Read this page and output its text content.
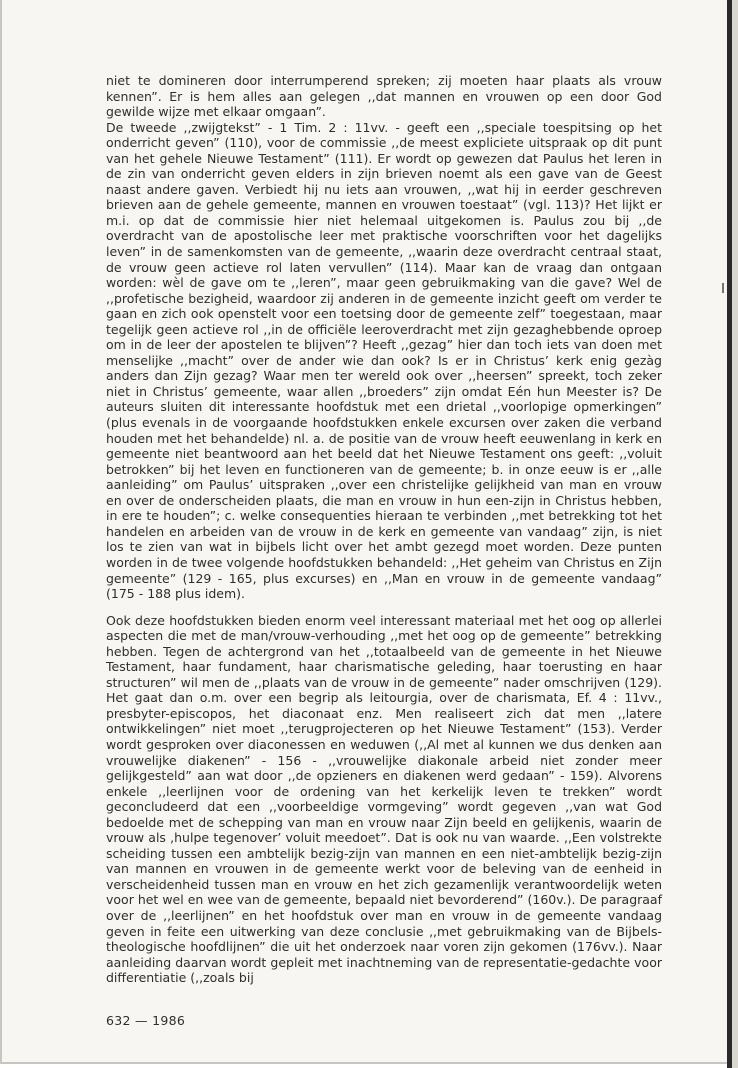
niet te domineren door interrumperend spreken; zij moeten haar plaats als vrouw kennen”. Er is hem alles aan gelegen ,,dat mannen en vrouwen op een door God gewilde wijze met elkaar omgaan”.

De tweede ,,zwijgtekst” - 1 Tim. 2 : 11vv. - geeft een ,,speciale toespitsing op het onderricht geven” (110), voor de commissie ,,de meest expliciete uitspraak op dit punt van het gehele Nieuwe Testament” (111). Er wordt op gewezen dat Paulus het leren in de zin van onderricht geven elders in zijn brieven noemt als een gave van de Geest naast andere gaven. Verbiedt hij nu iets aan vrouwen, ,,wat hij in eerder geschreven brieven aan de gehele gemeente, mannen en vrouwen toestaat” (vgl. 113)? Het lijkt er m.i. op dat de commissie hier niet helemaal uitgekomen is. Paulus zou bij ,,de overdracht van de apostolische leer met praktische voorschriften voor het dagelijks leven” in de samenkomsten van de gemeente, ,,waarin deze overdracht centraal staat, de vrouw geen actieve rol laten vervullen” (114). Maar kan de vraag dan ontgaan worden: wèl de gave om te ,,leren”, maar geen gebruikmaking van die gave? Wel de ,,profetische bezigheid, waardoor zij anderen in de gemeente inzicht geeft om verder te gaan en zich ook openstelt voor een toetsing door de gemeente zelf” toegestaan, maar tegelijk geen actieve rol ,,in de officiële leeroverdracht met zijn gezaghebbende oproep om in de leer der apostelen te blijven”? Heeft ,,gezag” hier dan toch iets van doen met menselijke ,,macht” over de ander wie dan ook? Is er in Christus’ kerk enig gezàg anders dan Zijn gezag? Waar men ter wereld ook over ,,heersen” spreekt, toch zeker niet in Christus’ gemeente, waar allen ,,broeders” zijn omdat Eén hun Meester is? De auteurs sluiten dit interessante hoofdstuk met een drietal ,,voorlopige opmerkingen” (plus evenals in de voorgaande hoofdstukken enkele excursen over zaken die verband houden met het behandelde) nl. a. de positie van de vrouw heeft eeuwenlang in kerk en gemeente niet beantwoord aan het beeld dat het Nieuwe Testament ons geeft: ,,voluit betrokken” bij het leven en functioneren van de gemeente; b. in onze eeuw is er ,,alle aanleiding” om Paulus’ uitspraken ,,over een christelijke gelijkheid van man en vrouw en over de onderscheiden plaats, die man en vrouw in hun een-zijn in Christus hebben, in ere te houden”; c. welke consequenties hieraan te verbinden ,,met betrekking tot het handelen en arbeiden van de vrouw in de kerk en gemeente van vandaag” zijn, is niet los te zien van wat in bijbels licht over het ambt gezegd moet worden. Deze punten worden in de twee volgende hoofdstukken behandeld: ,,Het geheim van Christus en Zijn gemeente” (129 - 165, plus excurses) en ,,Man en vrouw in de gemeente vandaag” (175 - 188 plus idem).

Ook deze hoofdstukken bieden enorm veel interessant materiaal met het oog op allerlei aspecten die met de man/vrouw-verhouding ,,met het oog op de gemeente” betrekking hebben. Tegen de achtergrond van het ,,totaalbeeld van de gemeente in het Nieuwe Testament, haar fundament, haar charismatische geleding, haar toerusting en haar structuren” wil men de ,,plaats van de vrouw in de gemeente” nader omschrijven (129). Het gaat dan o.m. over een begrip als leitourgia, over de charismata, Ef. 4 : 11vv., presbyter-episcopos, het diaconaat enz. Men realiseert zich dat men ,,latere ontwikkelingen” niet moet ,,terugprojecteren op het Nieuwe Testament” (153). Verder wordt gesproken over diaconessen en weduwen (,,Al met al kunnen we dus denken aan vrouwelijke diakenen” - 156 - ,,vrouwelijke diakonale arbeid niet zonder meer gelijkgesteld” aan wat door ,,de opzieners en diakenen werd gedaan” - 159). Alvorens enkele ,,leerlijnen voor de ordening van het kerkelijk leven te trekken” wordt geconcludeerd dat een ,,voorbeeldige vormgeving” wordt gegeven ,,van wat God bedoelde met de schepping van man en vrouw naar Zijn beeld en gelijkenis, waarin de vrouw als ,hulpe tegenover’ voluit meedoet”. Dat is ook nu van waarde. ,,Een volstrekte scheiding tussen een ambtelijk bezig-zijn van mannen en een niet-ambtelijk bezig-zijn van mannen en vrouwen in de gemeente werkt voor de beleving van de eenheid in verscheidenheid tussen man en vrouw en het zich gezamenlijk verantwoordelijk weten voor het wel en wee van de gemeente, bepaald niet bevorderend” (160v.). De paragraaf over de ,,leerlijnen” en het hoofdstuk over man en vrouw in de gemeente vandaag geven in feite een uitwerking van deze conclusie ,,met gebruikmaking van de Bijbels-theologische hoofdlijnen” die uit het onderzoek naar voren zijn gekomen (176vv.). Naar aanleiding daarvan wordt gepleit met inachtneming van de representatie-gedachte voor differentiatie (,,zoals bij

632 — 1986
